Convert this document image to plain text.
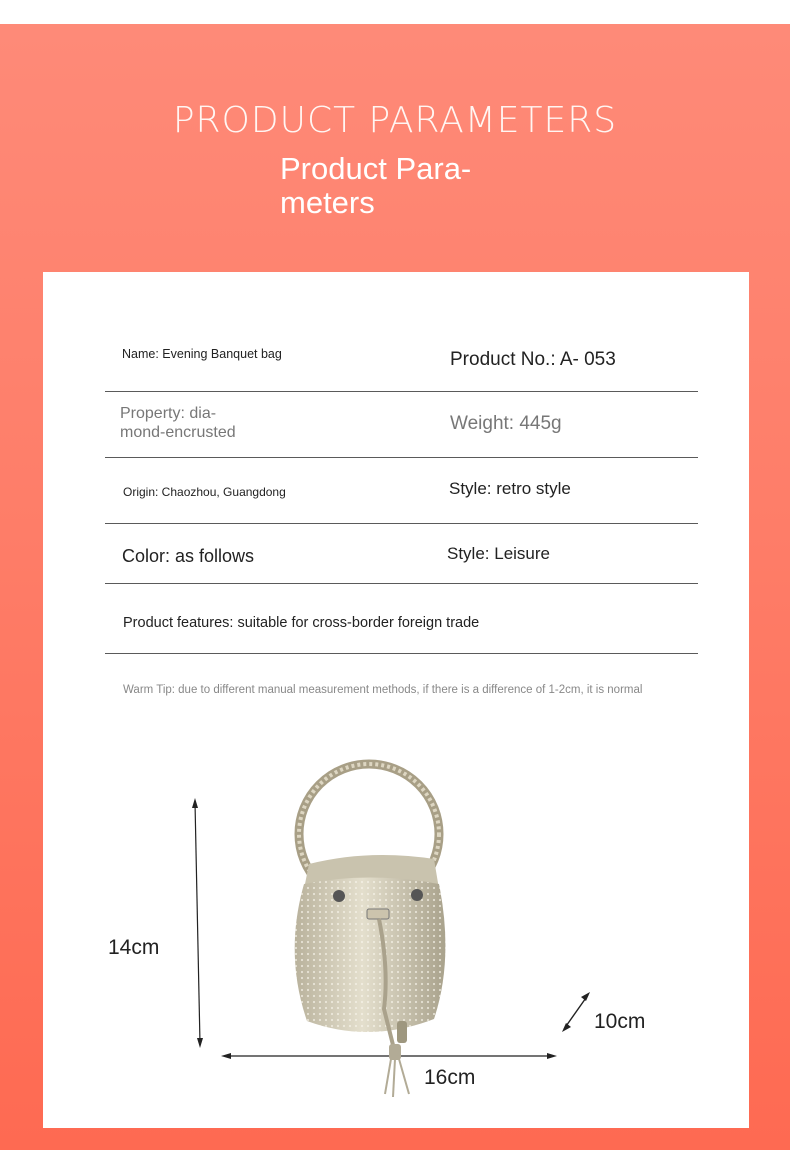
PRODUCT PARAMETERS
Product Para-
meters
Name: Evening Banquet bag	Product No.: A- 053
Property: dia-
mond-encrusted	Weight: 445g
Origin: Chaozhou, Guangdong	Style: retro style
Color: as follows	Style: Leisure
Product features: suitable for cross-border foreign trade
Warm Tip: due to different manual measurement methods, if there is a difference of 1-2cm, it is normal
14cm
16cm
10cm
